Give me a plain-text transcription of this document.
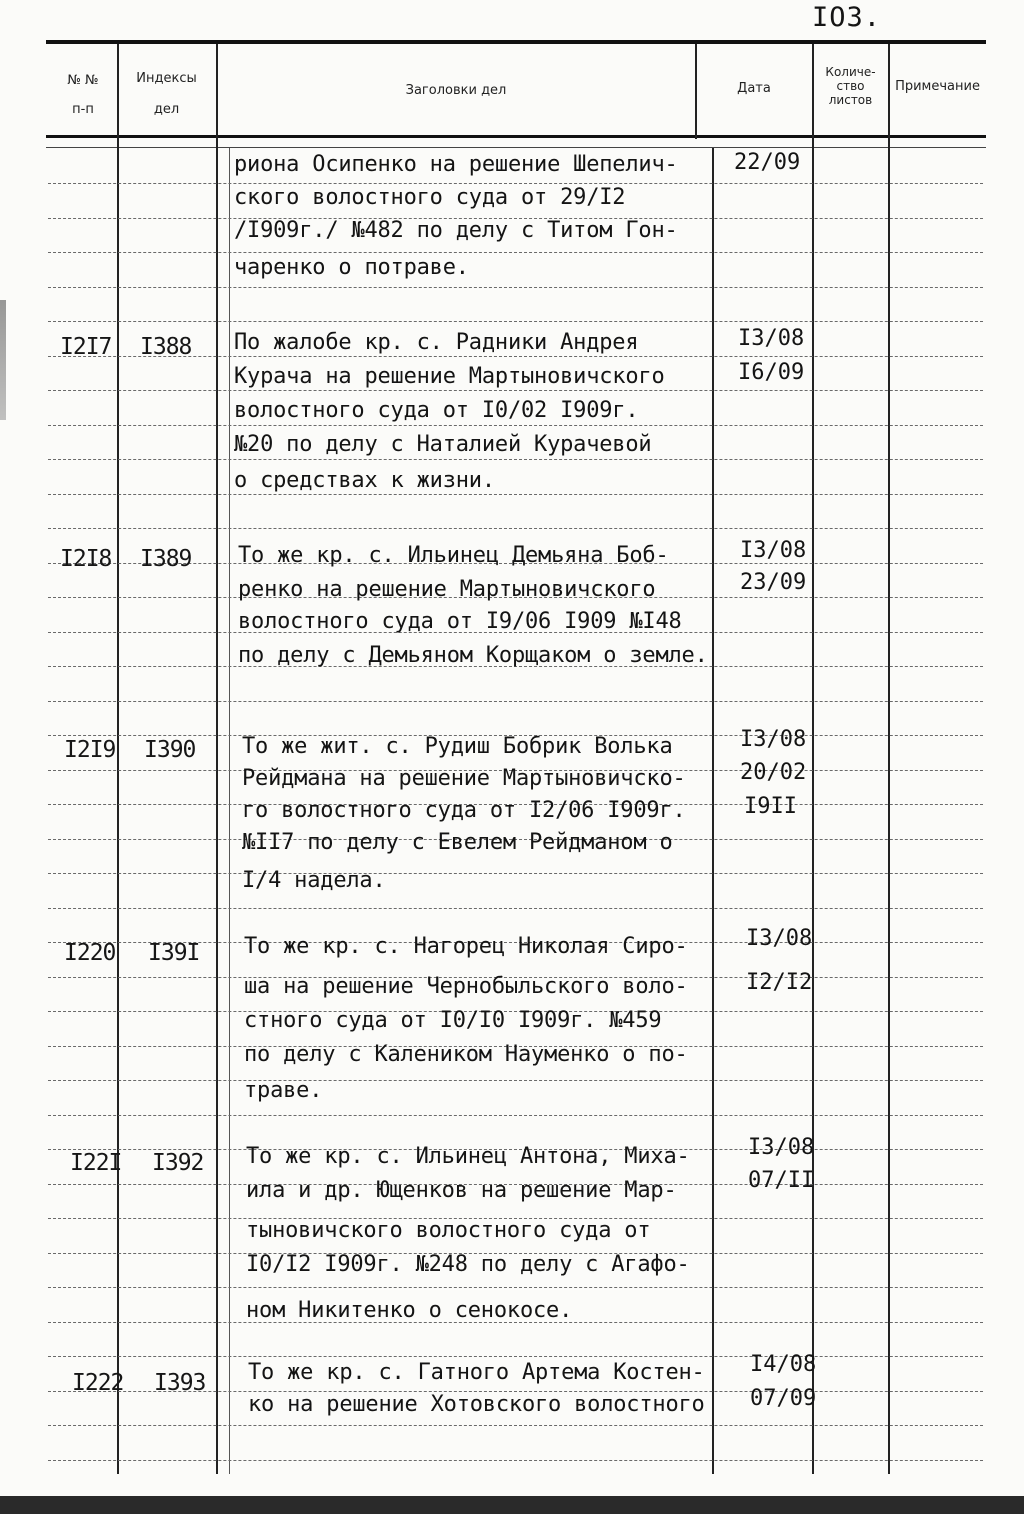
IO3.
№ №
п-п
Индексы
дел
Заголовки дел	Дата
Количе-
ство
листов
Примечание
риона Осипенко на решение Шепелич-
ского волостного суда от 29/I2
/I909г./ №482 по делу с Титом Гон-
чаренко о потраве.
22/09
I2I7 I388 По жалобе кр. с. Радники Андрея
Курача на решение Мартыновичского
волостного суда от I0/02 I909г.
№20 по делу с Наталией Курачевой
о средствах к жизни.
I3/08
I6/09
I2I8 I389 То же кр. с. Ильинец Демьяна Боб-
ренко на решение Мартыновичского
волостного суда от I9/06 I909 №I48
по делу с Демьяном Корщаком о земле.
I3/08
23/09
I2I9 I390 То же жит. с. Рудиш Бобрик Волька
Рейдмана на решение Мартыновичско-
го волостного суда от I2/06 I909г.
№II7 по делу с Евелем Рейдманом о
I/4 надела.
I3/08
20/02
I9II
I220 I39I То же кр. с. Нагорец Николая Сиро-
ша на решение Чернобыльского воло-
стного суда от I0/I0 I909г. №459
по делу с Калеником Науменко о по-
траве.
I3/08
I2/I2
I22I I392 То же кр. с. Ильинец Антона, Миха-
ила и др. Ющенков на решение Мар-
тыновичского волостного суда от
I0/I2 I909г. №248 по делу с Агафо-
ном Никитенко о сенокосе.
I3/08
07/II
I222 I393 То же кр. с. Гатного Артема Костен-
ко на решение Хотовского волостного
I4/08
07/09
